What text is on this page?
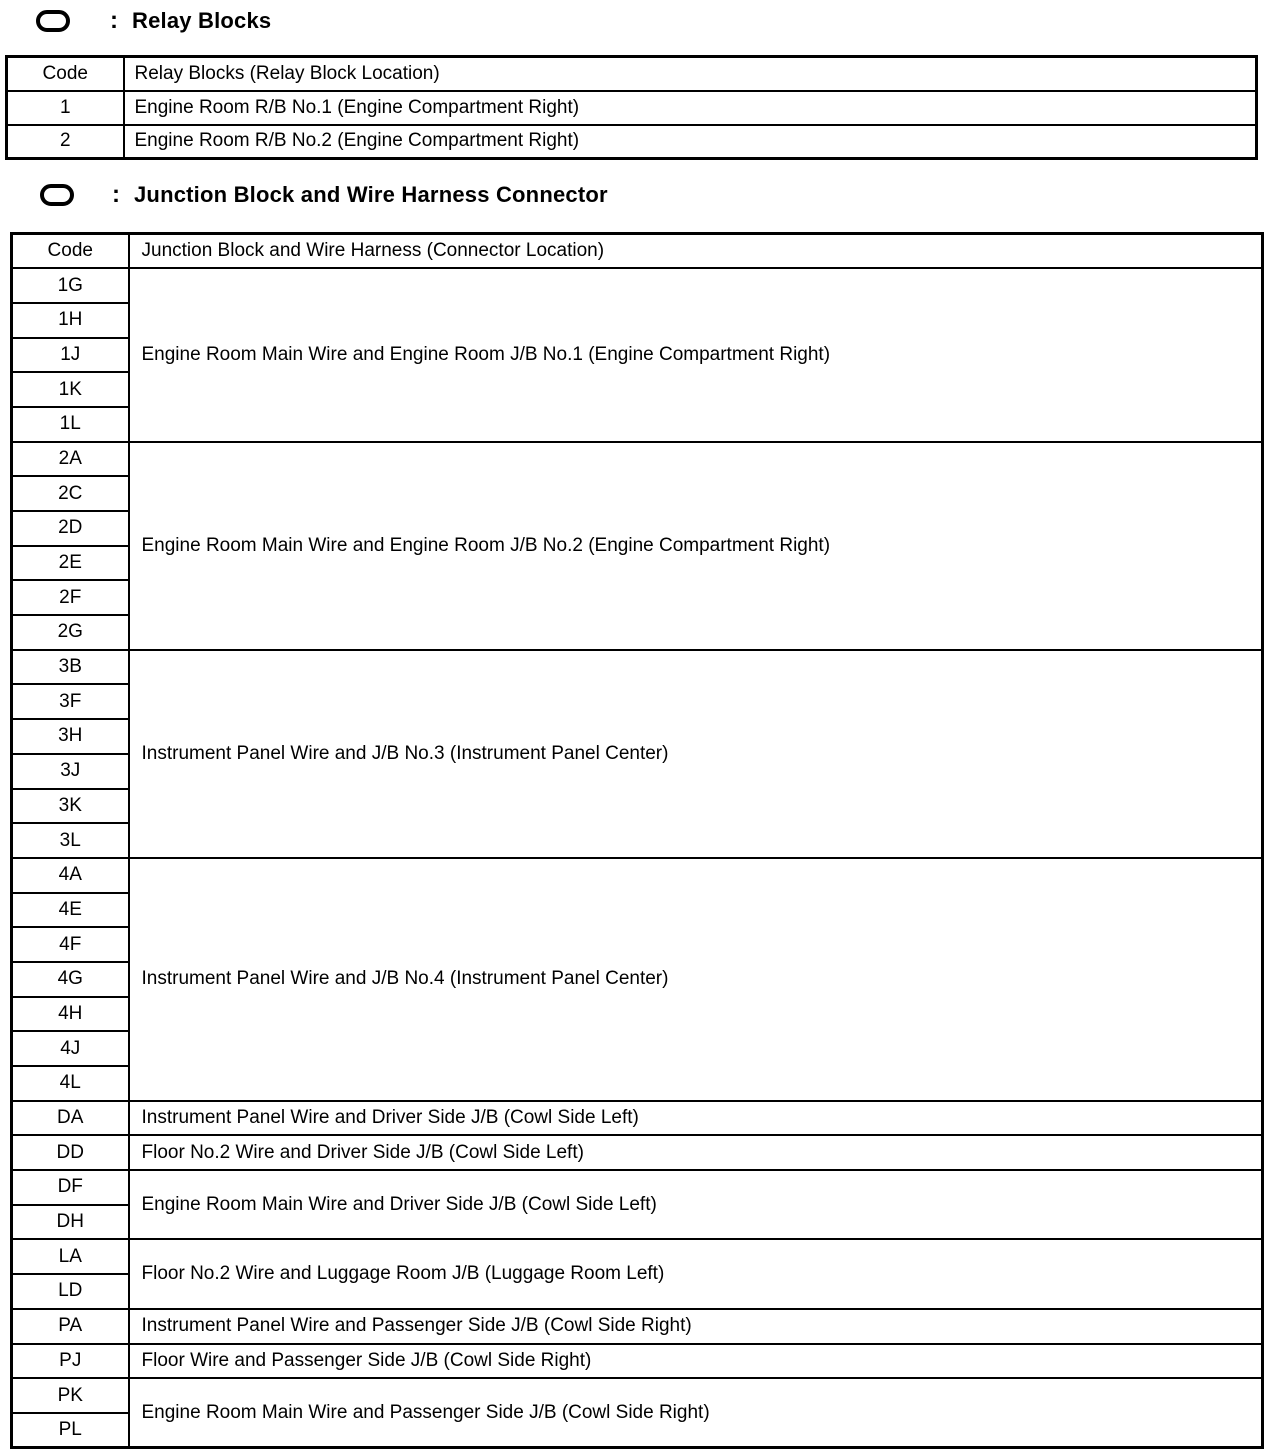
: Relay Blocks
Code	Relay Blocks (Relay Block Location)
1	Engine Room R/B No.1 (Engine Compartment Right)
2	Engine Room R/B No.2 (Engine Compartment Right)
: Junction Block and Wire Harness Connector
Code	Junction Block and Wire Harness (Connector Location)
1G	Engine Room Main Wire and Engine Room J/B No.1 (Engine Compartment Right)
1H	
1J	
1K	
1L	
2A	Engine Room Main Wire and Engine Room J/B No.2 (Engine Compartment Right)
2C	
2D	
2E	
2F	
2G	
3B	Instrument Panel Wire and J/B No.3 (Instrument Panel Center)
3F	
3H	
3J	
3K	
3L	
4A	Instrument Panel Wire and J/B No.4 (Instrument Panel Center)
4E	
4F	
4G	
4H	
4J	
4L	
DA	Instrument Panel Wire and Driver Side J/B (Cowl Side Left)
DD	Floor No.2 Wire and Driver Side J/B (Cowl Side Left)
DF	Engine Room Main Wire and Driver Side J/B (Cowl Side Left)
DH	
LA	Floor No.2 Wire and Luggage Room J/B (Luggage Room Left)
LD	
PA	Instrument Panel Wire and Passenger Side J/B (Cowl Side Right)
PJ	Floor Wire and Passenger Side J/B (Cowl Side Right)
PK	Engine Room Main Wire and Passenger Side J/B (Cowl Side Right)
PL	
